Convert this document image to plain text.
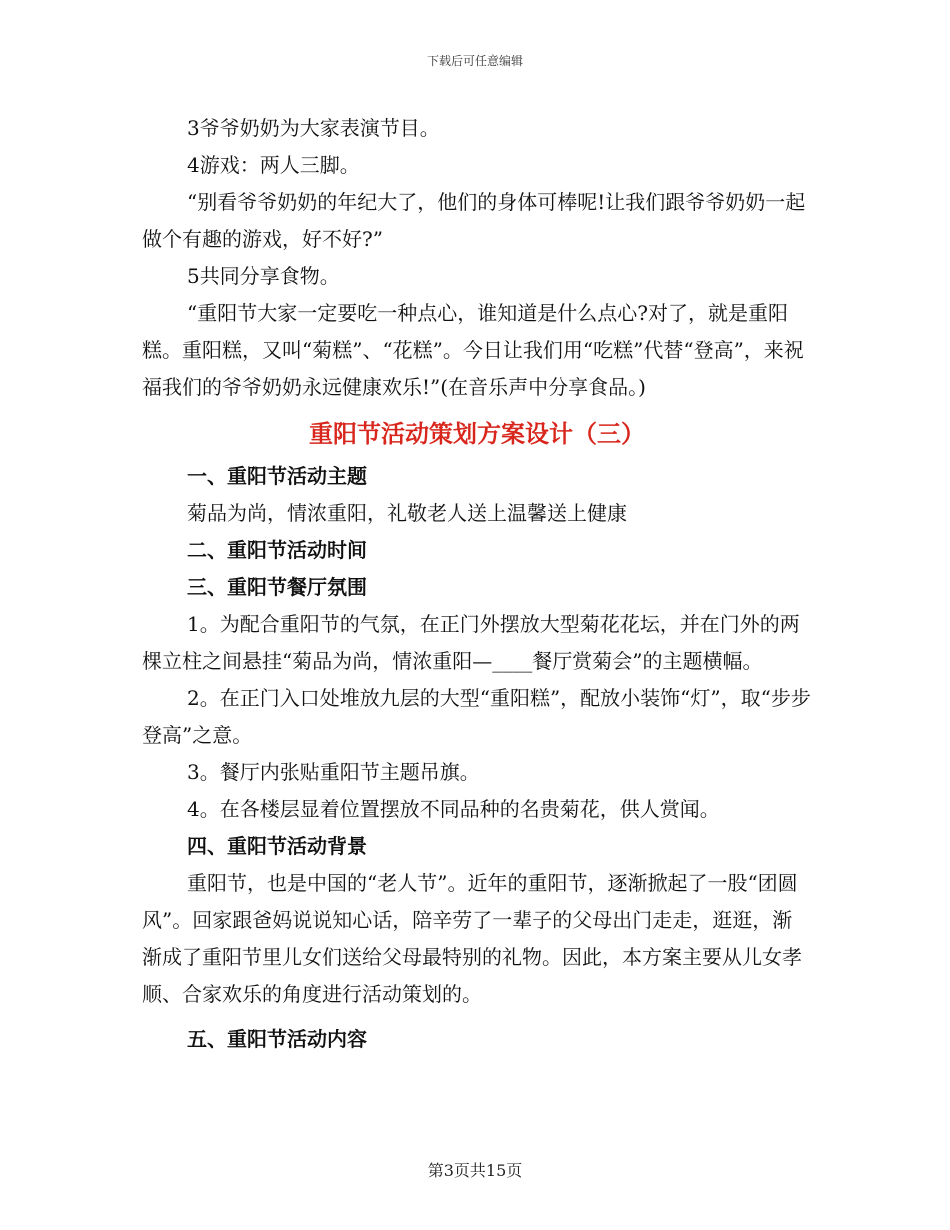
下载后可任意编辑

3爷爷奶奶为大家表演节目。

4游戏：两人三脚。

“别看爷爷奶奶的年纪大了，他们的身体可棒呢!让我们跟爷爷奶奶一起做个有趣的游戏，好不好?”

5共同分享食物。

“重阳节大家一定要吃一种点心，谁知道是什么点心?对了，就是重阳糕。重阳糕，又叫“菊糕”、“花糕”。今日让我们用“吃糕”代替“登高”，来祝福我们的爷爷奶奶永远健康欢乐!”(在音乐声中分享食品。)

重阳节活动策划方案设计（三）

一、重阳节活动主题

菊品为尚，情浓重阳，礼敬老人送上温馨送上健康

二、重阳节活动时间

三、重阳节餐厅氛围

1。为配合重阳节的气氛，在正门外摆放大型菊花花坛，并在门外的两棵立柱之间悬挂“菊品为尚，情浓重阳—____餐厅赏菊会”的主题横幅。

2。在正门入口处堆放九层的大型“重阳糕”，配放小装饰“灯”，取“步步登高”之意。

3。餐厅内张贴重阳节主题吊旗。

4。在各楼层显着位置摆放不同品种的名贵菊花，供人赏闻。

四、重阳节活动背景

重阳节，也是中国的“老人节”。近年的重阳节，逐渐掀起了一股“团圆风”。回家跟爸妈说说知心话，陪辛劳了一辈子的父母出门走走，逛逛，渐渐成了重阳节里儿女们送给父母最特别的礼物。因此，本方案主要从儿女孝顺、合家欢乐的角度进行活动策划的。

五、重阳节活动内容

第3页共15页
